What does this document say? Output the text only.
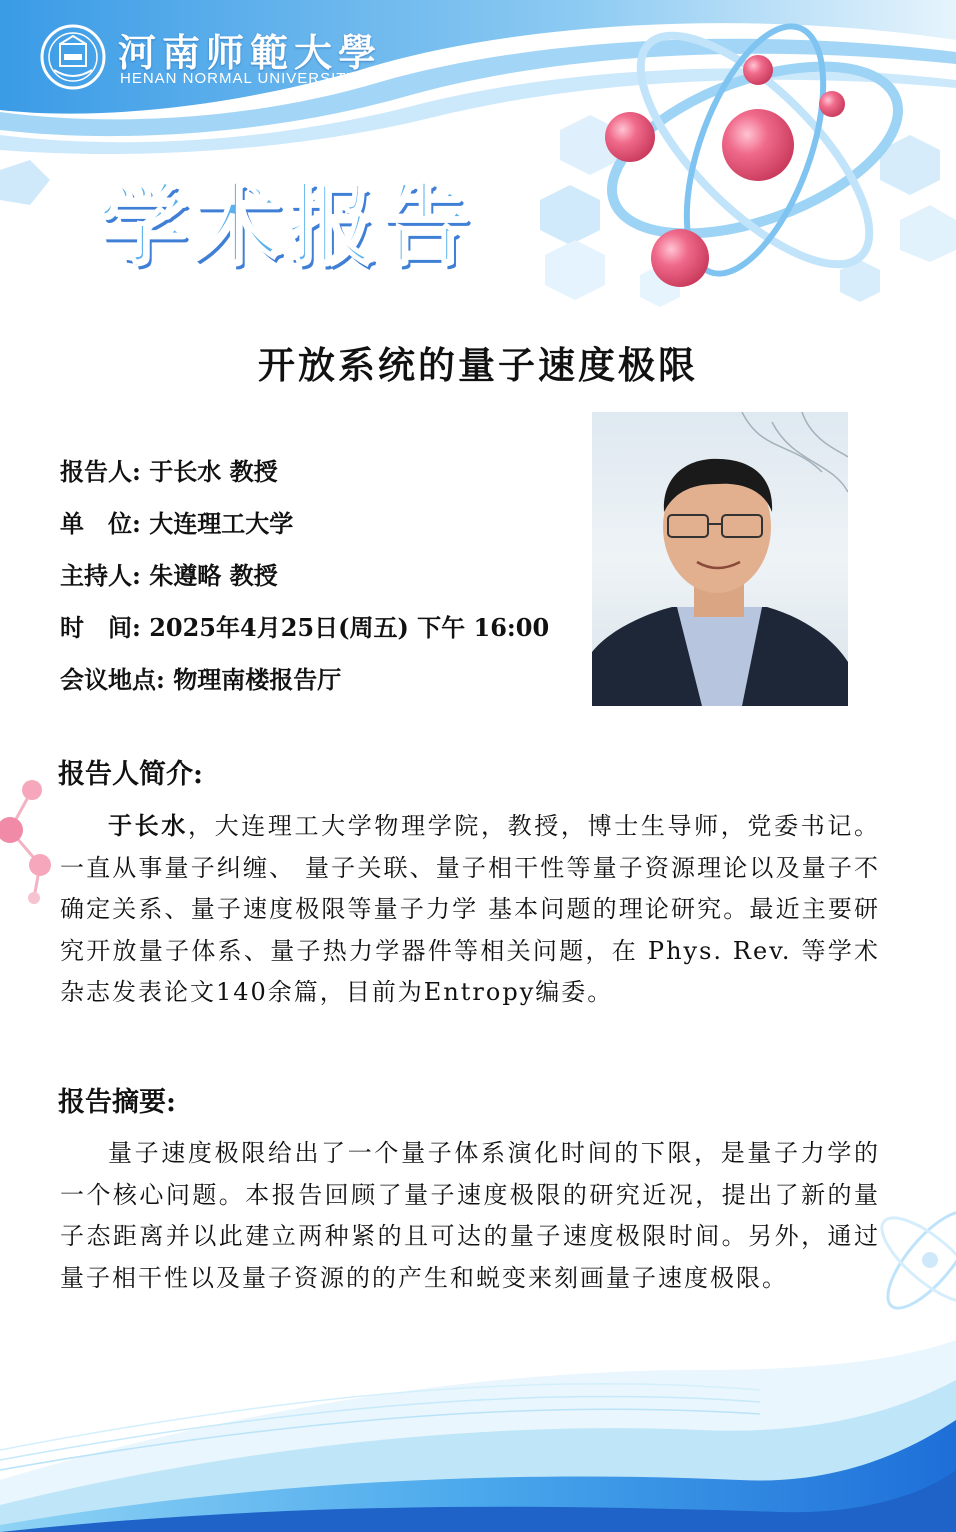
河南师範大學
HENAN NORMAL UNIVERSITY
学术报告
开放系统的量子速度极限
报告人: 于长水 教授
单　位: 大连理工大学
主持人: 朱遵略 教授
时　间: 2025年4月25日(周五) 下午 16:00
会议地点: 物理南楼报告厅
报告人简介:
于长水，大连理工大学物理学院，教授，博士生导师，党委书记。一直从事量子纠缠、 量子关联、量子相干性等量子资源理论以及量子不确定关系、量子速度极限等量子力学 基本问题的理论研究。最近主要研究开放量子体系、量子热力学器件等相关问题，在 Phys. Rev. 等学术杂志发表论文140余篇，目前为Entropy编委。
报告摘要:
量子速度极限给出了一个量子体系演化时间的下限，是量子力学的一个核心问题。本报告回顾了量子速度极限的研究近况，提出了新的量子态距离并以此建立两种紧的且可达的量子速度极限时间。另外，通过量子相干性以及量子资源的的产生和蜕变来刻画量子速度极限。
